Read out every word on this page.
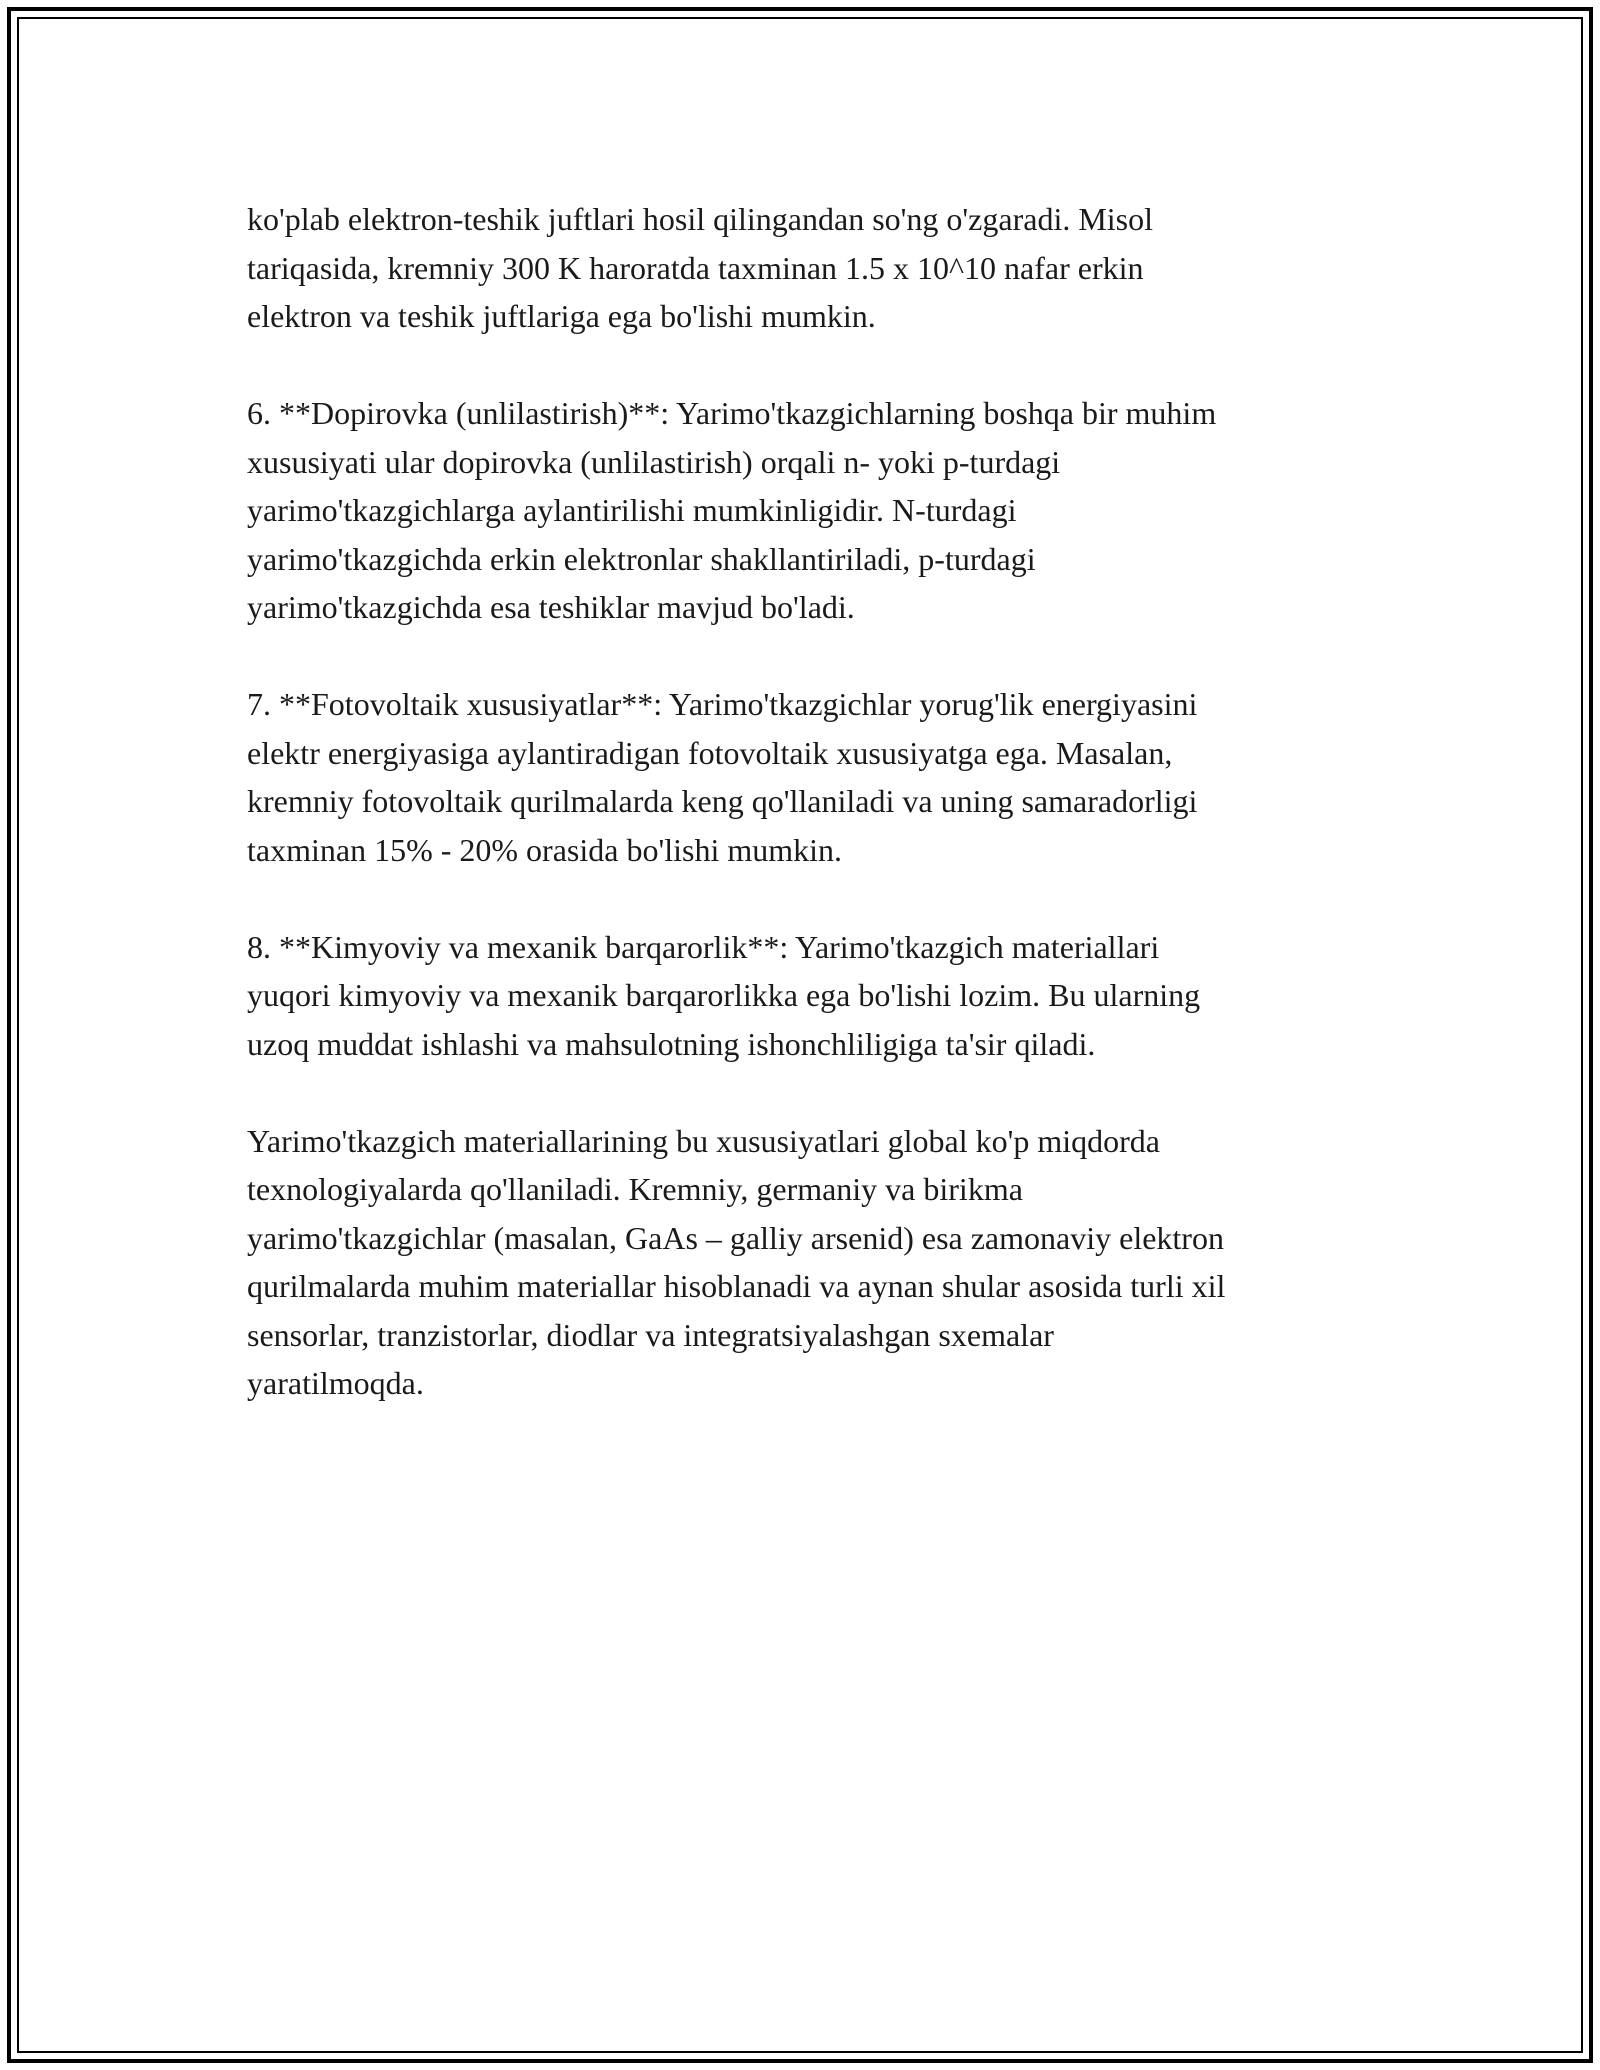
ko'plab elektron-teshik juftlari hosil qilingandan so'ng o'zgaradi. Misol
tariqasida, kremniy 300 K haroratda taxminan 1.5 x 10^10 nafar erkin
elektron va teshik juftlariga ega bo'lishi mumkin.

6. **Dopirovka (unlilastirish)**: Yarimo'tkazgichlarning boshqa bir muhim
xususiyati ular dopirovka (unlilastirish) orqali n- yoki p-turdagi
yarimo'tkazgichlarga aylantirilishi mumkinligidir. N-turdagi
yarimo'tkazgichda erkin elektronlar shakllantiriladi, p-turdagi
yarimo'tkazgichda esa teshiklar mavjud bo'ladi.

7. **Fotovoltaik xususiyatlar**: Yarimo'tkazgichlar yorug'lik energiyasini
elektr energiyasiga aylantiradigan fotovoltaik xususiyatga ega. Masalan,
kremniy fotovoltaik qurilmalarda keng qo'llaniladi va uning samaradorligi
taxminan 15% - 20% orasida bo'lishi mumkin.

8. **Kimyoviy va mexanik barqarorlik**: Yarimo'tkazgich materiallari
yuqori kimyoviy va mexanik barqarorlikka ega bo'lishi lozim. Bu ularning
uzoq muddat ishlashi va mahsulotning ishonchliligiga ta'sir qiladi.

Yarimo'tkazgich materiallarining bu xususiyatlari global ko'p miqdorda
texnologiyalarda qo'llaniladi. Kremniy, germaniy va birikma
yarimo'tkazgichlar (masalan, GaAs – galliy arsenid) esa zamonaviy elektron
qurilmalarda muhim materiallar hisoblanadi va aynan shular asosida turli xil
sensorlar, tranzistorlar, diodlar va integratsiyalashgan sxemalar
yaratilmoqda.
